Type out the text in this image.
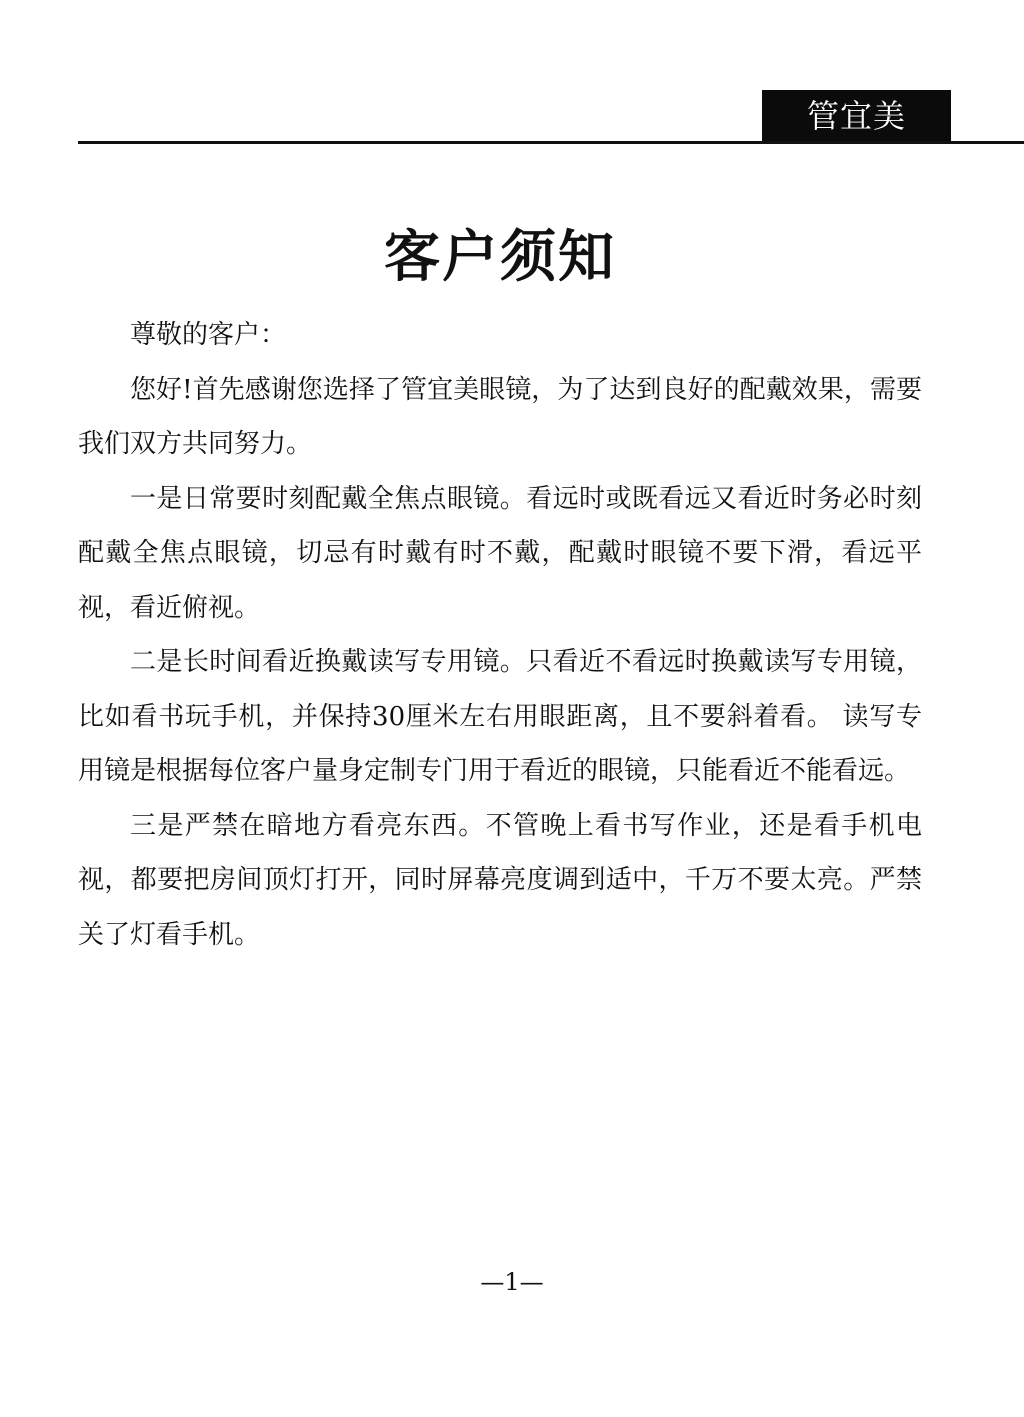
管宜美
客户须知

尊敬的客户：

您好!首先感谢您选择了管宜美眼镜，为了达到良好的配戴效果，需要我们双方共同努力。

一是日常要时刻配戴全焦点眼镜。看远时或既看远又看近时务必时刻配戴全焦点眼镜，切忌有时戴有时不戴，配戴时眼镜不要下滑，看远平视，看近俯视。

二是长时间看近换戴读写专用镜。只看近不看远时换戴读写专用镜，比如看书玩手机，并保持30厘米左右用眼距离，且不要斜着看。 读写专用镜是根据每位客户量身定制专门用于看近的眼镜，只能看近不能看远。

三是严禁在暗地方看亮东西。不管晚上看书写作业，还是看手机电视，都要把房间顶灯打开，同时屏幕亮度调到适中，千万不要太亮。严禁关了灯看手机。

—1—
